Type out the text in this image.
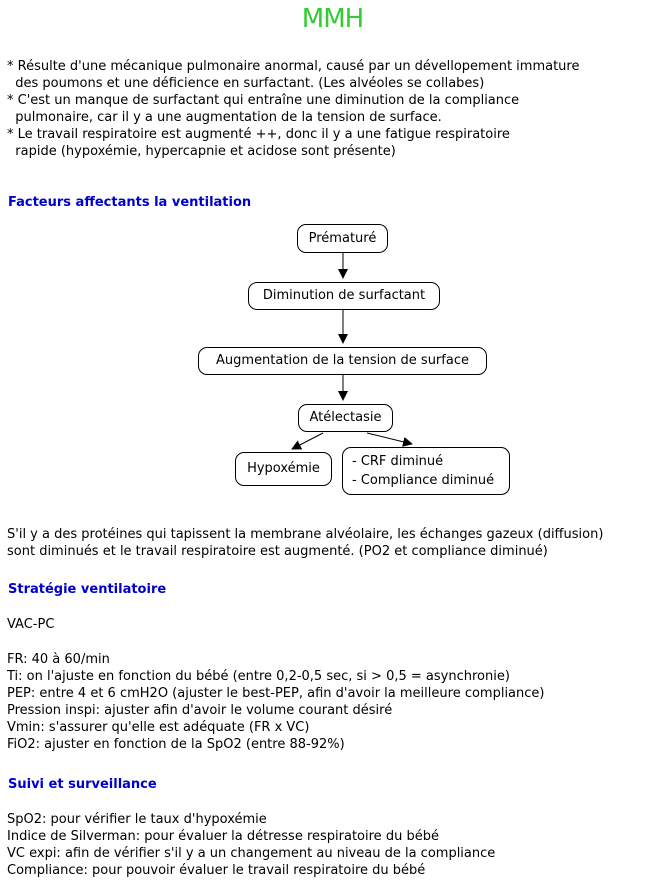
MMH
* Résulte d'une mécanique pulmonaire anormal, causé par un dévellopement immature
des poumons et une déficience en surfactant. (Les alvéoles se collabes)
* C'est un manque de surfactant qui entraîne une diminution de la compliance
pulmonaire, car il y a une augmentation de la tension de surface.
* Le travail respiratoire est augmenté ++, donc il y a une fatigue respiratoire
rapide (hypoxémie, hypercapnie et acidose sont présente)
Facteurs affectants la ventilation
Prématuré
Diminution de surfactant
Augmentation de la tension de surface
Atélectasie
Hypoxémie	- CRF diminué
- Compliance diminué
S'il y a des protéines qui tapissent la membrane alvéolaire, les échanges gazeux (diffusion)
sont diminués et le travail respiratoire est augmenté. (PO2 et compliance diminué)
Stratégie ventilatoire
VAC-PC
FR: 40 à 60/min
Ti: on l'ajuste en fonction du bébé (entre 0,2-0,5 sec, si > 0,5 = asynchronie)
PEP: entre 4 et 6 cmH2O (ajuster le best-PEP, afin d'avoir la meilleure compliance)
Pression inspi: ajuster afin d'avoir le volume courant désiré
Vmin: s'assurer qu'elle est adéquate (FR x VC)
FiO2: ajuster en fonction de la SpO2 (entre 88-92%)
Suivi et surveillance
SpO2: pour vérifier le taux d'hypoxémie
Indice de Silverman: pour évaluer la détresse respiratoire du bébé
VC expi: afin de vérifier s'il y a un changement au niveau de la compliance
Compliance: pour pouvoir évaluer le travail respiratoire du bébé
